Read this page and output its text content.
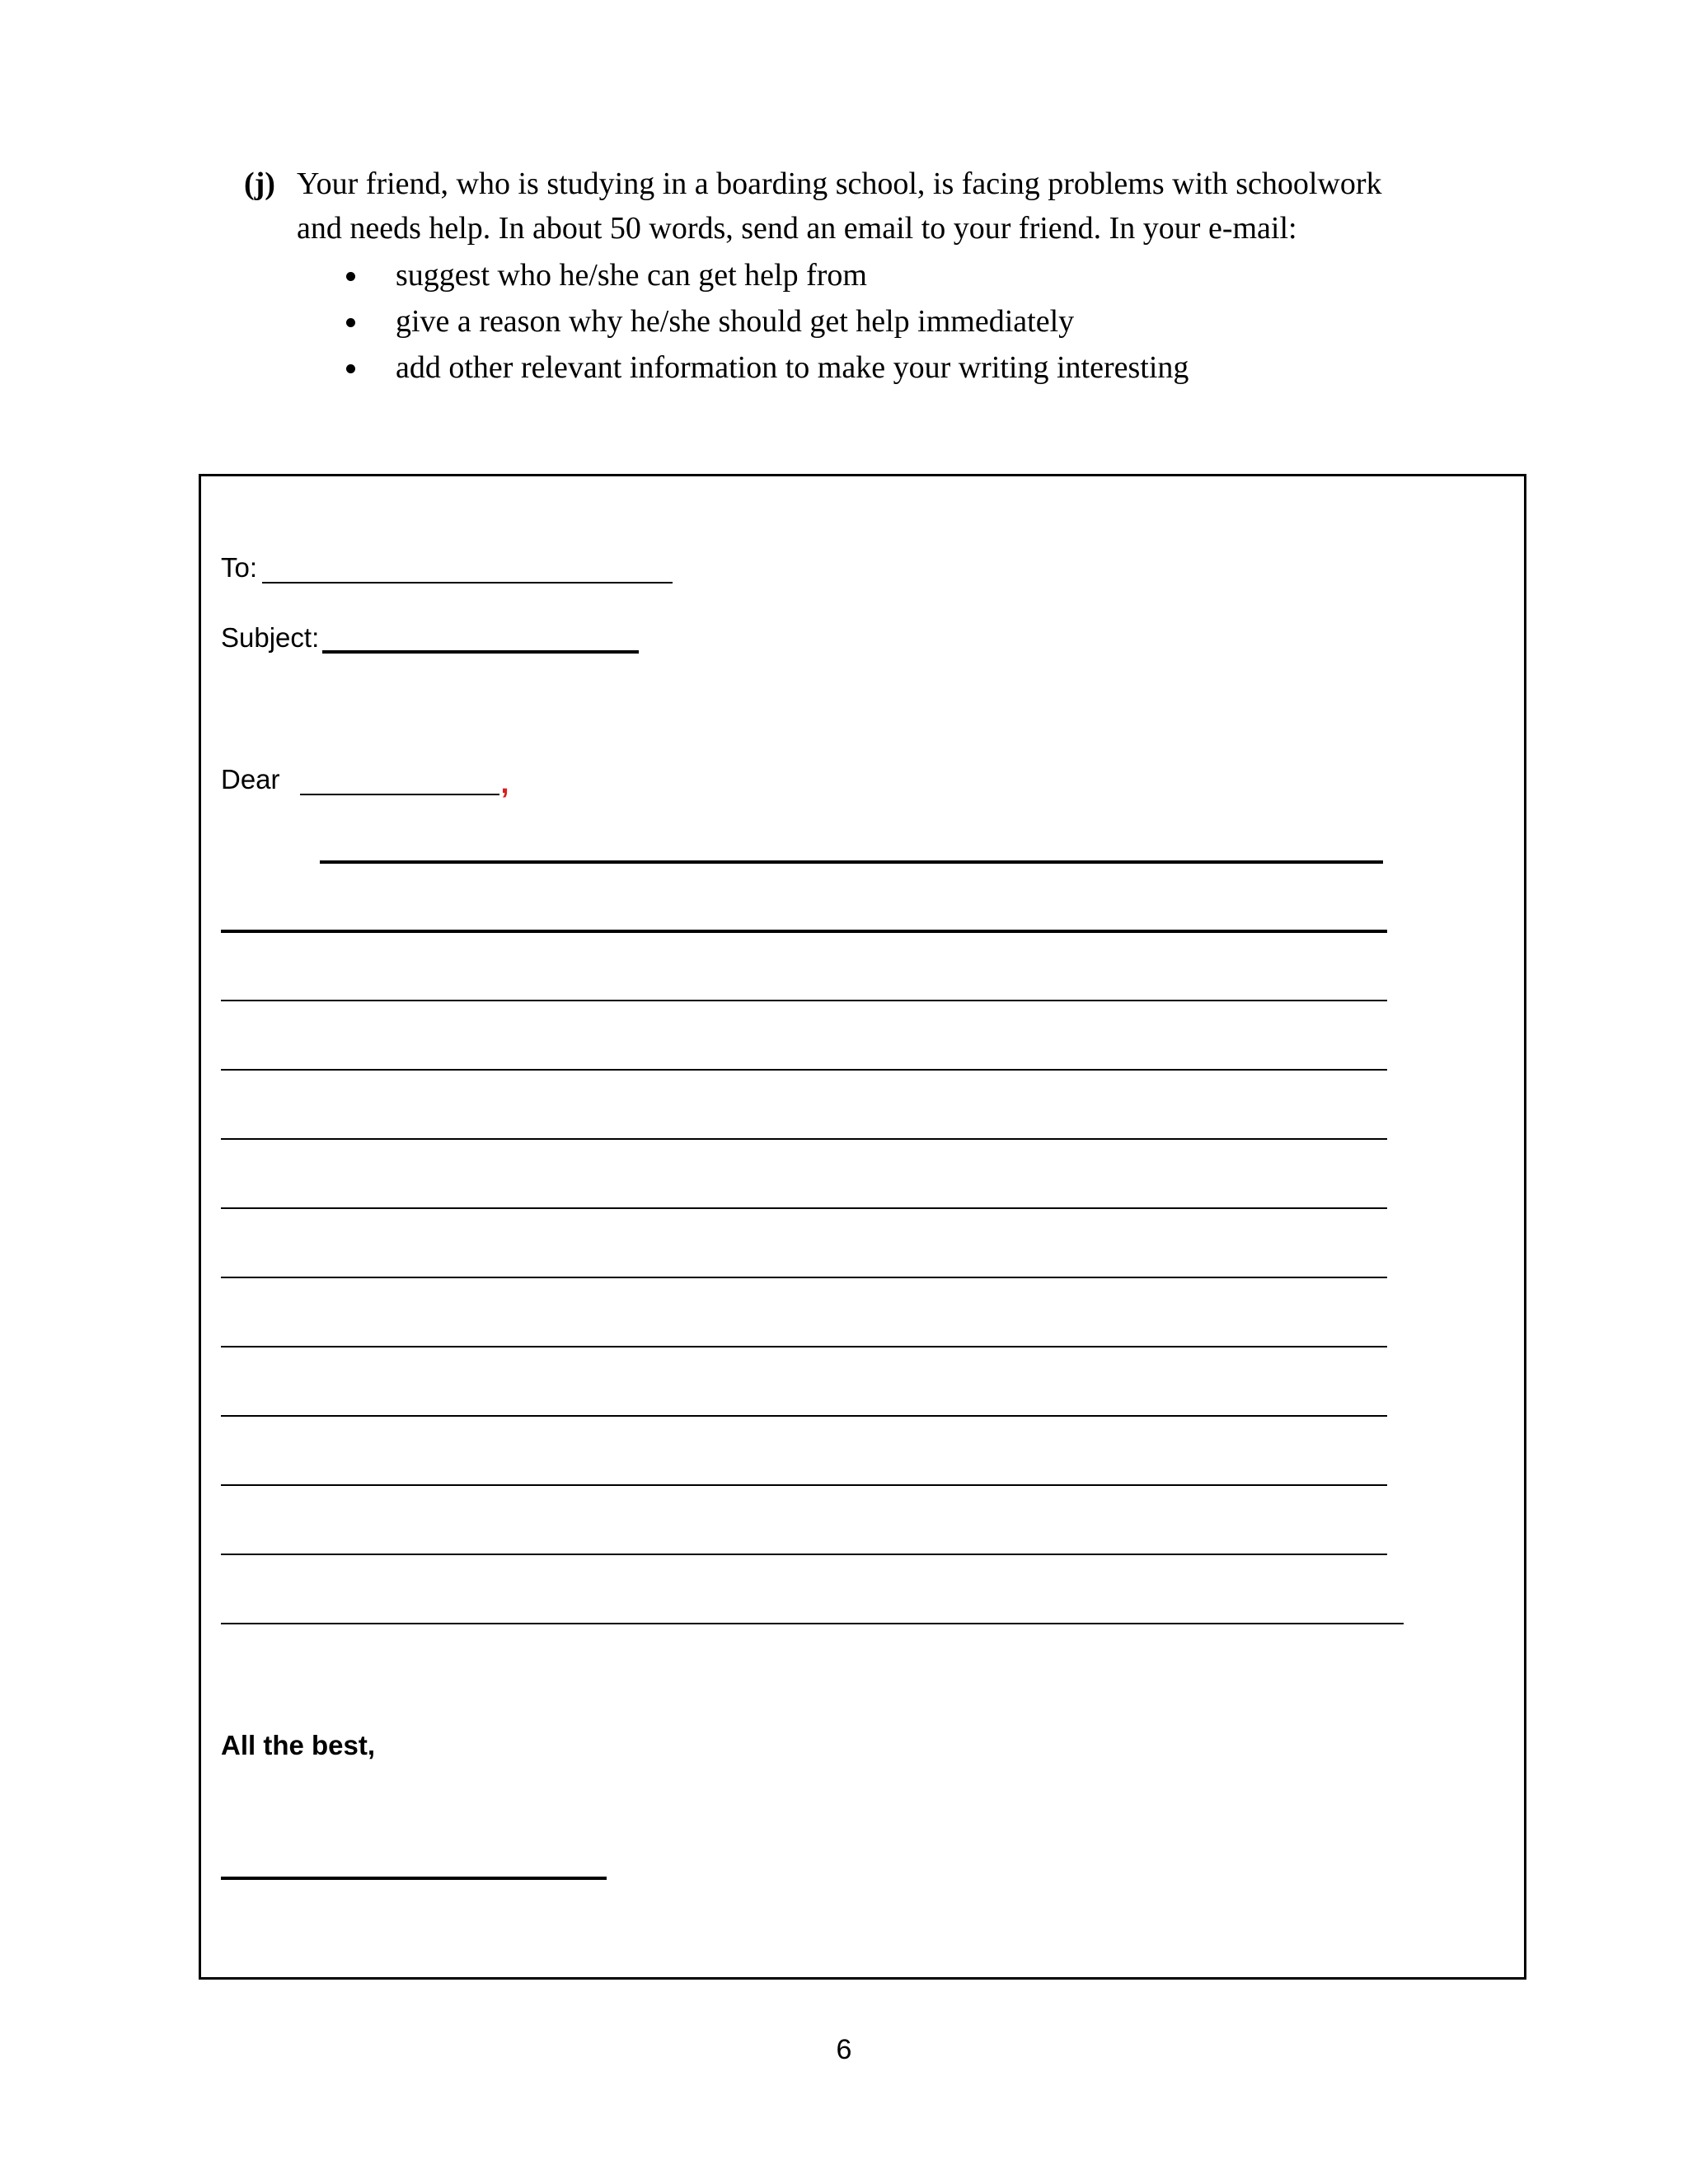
(j) Your friend, who is studying in a boarding school, is facing problems with schoolwork
and needs help. In about 50 words, send an email to your friend. In your e-mail:
suggest who he/she can get help from
give a reason why he/she should get help immediately
add other relevant information to make your writing interesting
To:
Subject:
Dear	,
All the best,
6
